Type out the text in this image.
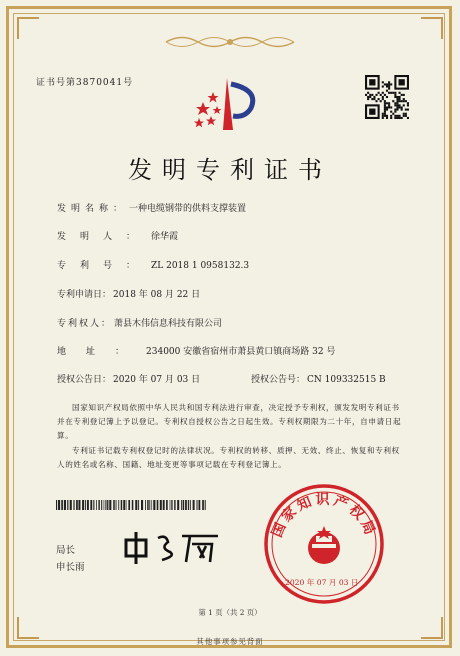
证书号第3870041号
发明专利证书
发明名称： 一种电缆钢带的供料支撑装置
发明人： 徐华霞
专利号： ZL 2018 1 0958132.3
专利申请日： 2018 年 08 月 22 日
专利权人： 萧县木伟信息科技有限公司
地址： 234000 安徽省宿州市萧县黄口镇商场路 32 号
授权公告日： 2020 年 07 月 03 日	授权公告号： CN 109332515 B
国家知识产权局依照中华人民共和国专利法进行审查，决定授予专利权，颁发发明专利证书并在专利登记簿上予以登记。专利权自授权公告之日起生效。专利权期限为二十年，自申请日起算。
专利证书记载专利权登记时的法律状况。专利权的转移、质押、无效、终止、恢复和专利权人的姓名或名称、国籍、地址变更等事项记载在专利登记簿上。
局长
申长雨
国家知识产权局
2020 年 07 月 03 日
第 1 页（共 2 页）
其他事项参见背面
